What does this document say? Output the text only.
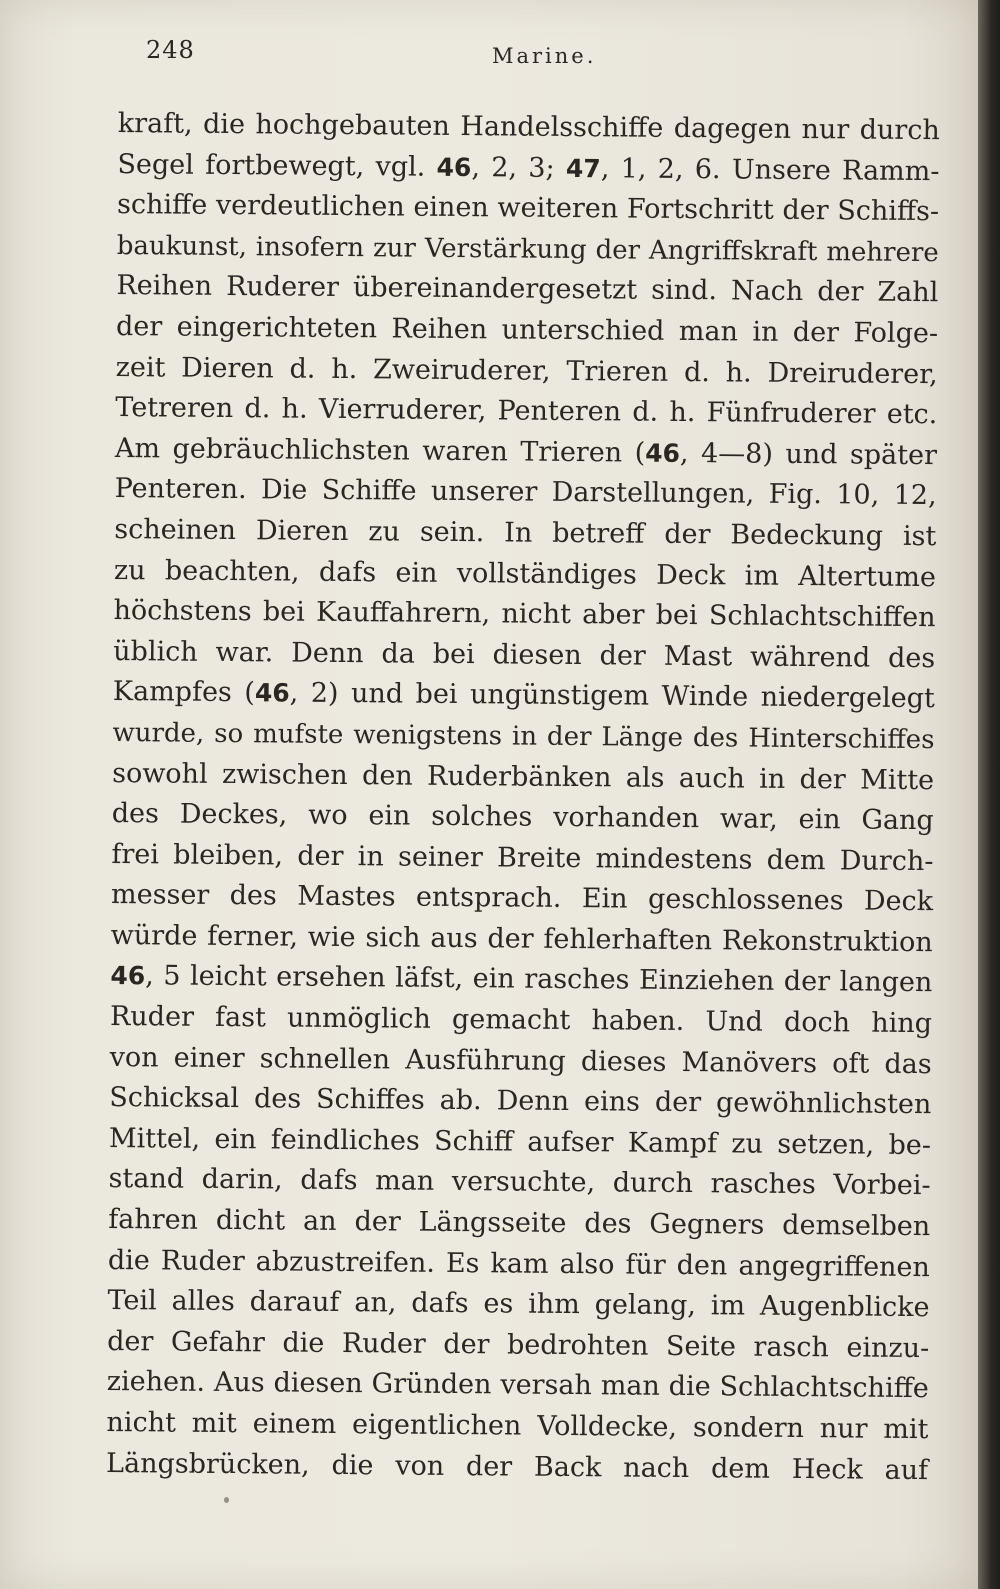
248	Marine.
kraft, die hochgebauten Handelsschiffe dagegen nur durch
Segel fortbewegt, vgl. 46, 2, 3; 47, 1, 2, 6. Unsere Ramm-
schiffe verdeutlichen einen weiteren Fortschritt der Schiffs-
baukunst, insofern zur Verstärkung der Angriffskraft mehrere
Reihen Ruderer übereinandergesetzt sind. Nach der Zahl
der eingerichteten Reihen unterschied man in der Folge-
zeit Dieren d. h. Zweiruderer, Trieren d. h. Dreiruderer,
Tetreren d. h. Vierruderer, Penteren d. h. Fünfruderer etc.
Am gebräuchlichsten waren Trieren (46, 4—8) und später
Penteren. Die Schiffe unserer Darstellungen, Fig. 10, 12,
scheinen Dieren zu sein. In betreff der Bedeckung ist
zu beachten, dafs ein vollständiges Deck im Altertume
höchstens bei Kauffahrern, nicht aber bei Schlachtschiffen
üblich war. Denn da bei diesen der Mast während des
Kampfes (46, 2) und bei ungünstigem Winde niedergelegt
wurde, so mufste wenigstens in der Länge des Hinterschiffes
sowohl zwischen den Ruderbänken als auch in der Mitte
des Deckes, wo ein solches vorhanden war, ein Gang
frei bleiben, der in seiner Breite mindestens dem Durch-
messer des Mastes entsprach. Ein geschlossenes Deck
würde ferner, wie sich aus der fehlerhaften Rekonstruktion
46, 5 leicht ersehen läfst, ein rasches Einziehen der langen
Ruder fast unmöglich gemacht haben. Und doch hing
von einer schnellen Ausführung dieses Manövers oft das
Schicksal des Schiffes ab. Denn eins der gewöhnlichsten
Mittel, ein feindliches Schiff aufser Kampf zu setzen, be-
stand darin, dafs man versuchte, durch rasches Vorbei-
fahren dicht an der Längsseite des Gegners demselben
die Ruder abzustreifen. Es kam also für den angegriffenen
Teil alles darauf an, dafs es ihm gelang, im Augenblicke
der Gefahr die Ruder der bedrohten Seite rasch einzu-
ziehen. Aus diesen Gründen versah man die Schlachtschiffe
nicht mit einem eigentlichen Volldecke, sondern nur mit
Längsbrücken, die von der Back nach dem Heck auf
